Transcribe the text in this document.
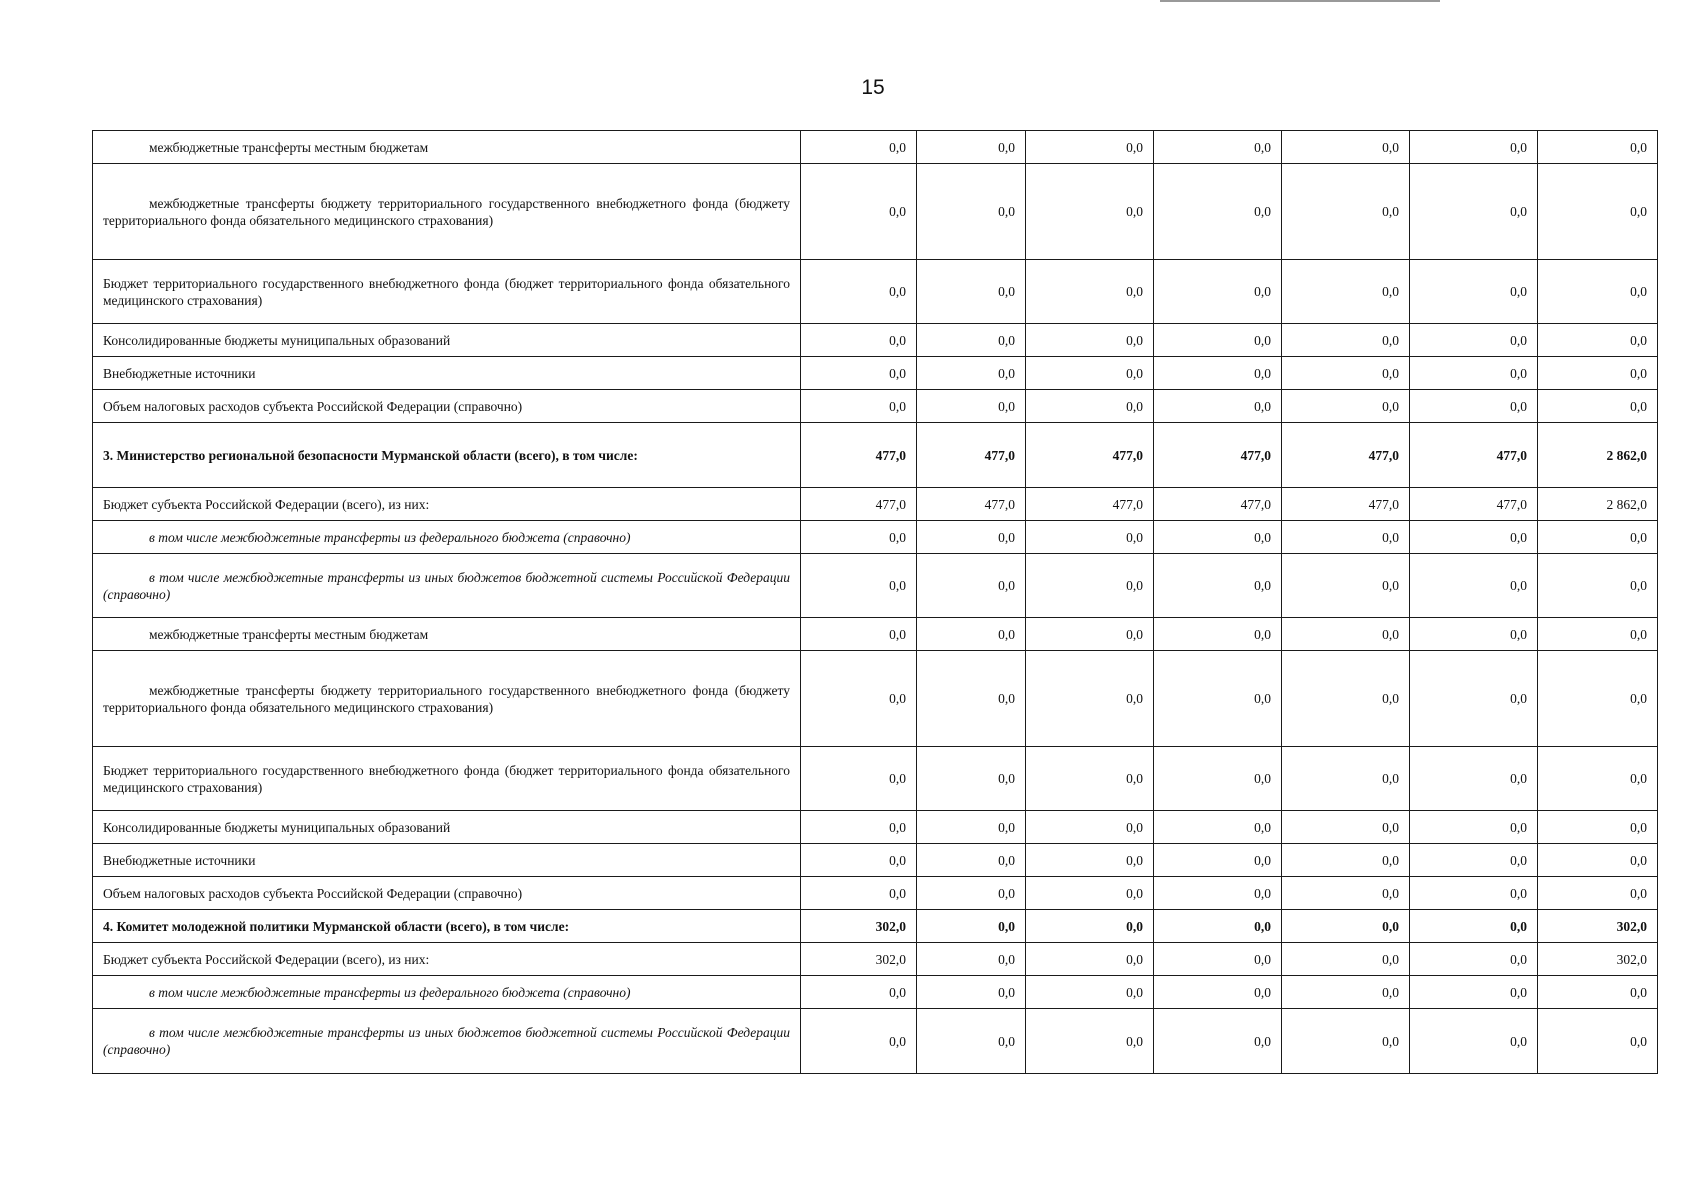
15
межбюджетные трансферты местным бюджетам	0,0	0,0	0,0	0,0	0,0	0,0	0,0
межбюджетные трансферты бюджету территориального государственного внебюджетного фонда (бюджету территориального фонда обязательного медицинского страхования)	0,0	0,0	0,0	0,0	0,0	0,0	0,0
Бюджет территориального государственного внебюджетного фонда (бюджет территориального фонда обязательного медицинского страхования)	0,0	0,0	0,0	0,0	0,0	0,0	0,0
Консолидированные бюджеты муниципальных образований	0,0	0,0	0,0	0,0	0,0	0,0	0,0
Внебюджетные источники	0,0	0,0	0,0	0,0	0,0	0,0	0,0
Объем налоговых расходов субъекта Российской Федерации (справочно)	0,0	0,0	0,0	0,0	0,0	0,0	0,0
3. Министерство региональной безопасности Мурманской области (всего), в том числе:	477,0	477,0	477,0	477,0	477,0	477,0	2 862,0
Бюджет субъекта Российской Федерации (всего), из них:	477,0	477,0	477,0	477,0	477,0	477,0	2 862,0
в том числе межбюджетные трансферты из федерального бюджета (справочно)	0,0	0,0	0,0	0,0	0,0	0,0	0,0
в том числе межбюджетные трансферты из иных бюджетов бюджетной системы Российской Федерации (справочно)	0,0	0,0	0,0	0,0	0,0	0,0	0,0
межбюджетные трансферты местным бюджетам	0,0	0,0	0,0	0,0	0,0	0,0	0,0
межбюджетные трансферты бюджету территориального государственного внебюджетного фонда (бюджету территориального фонда обязательного медицинского страхования)	0,0	0,0	0,0	0,0	0,0	0,0	0,0
Бюджет территориального государственного внебюджетного фонда (бюджет территориального фонда обязательного медицинского страхования)	0,0	0,0	0,0	0,0	0,0	0,0	0,0
Консолидированные бюджеты муниципальных образований	0,0	0,0	0,0	0,0	0,0	0,0	0,0
Внебюджетные источники	0,0	0,0	0,0	0,0	0,0	0,0	0,0
Объем налоговых расходов субъекта Российской Федерации (справочно)	0,0	0,0	0,0	0,0	0,0	0,0	0,0
4. Комитет молодежной политики Мурманской области (всего), в том числе:	302,0	0,0	0,0	0,0	0,0	0,0	302,0
Бюджет субъекта Российской Федерации (всего), из них:	302,0	0,0	0,0	0,0	0,0	0,0	302,0
в том числе межбюджетные трансферты из федерального бюджета (справочно)	0,0	0,0	0,0	0,0	0,0	0,0	0,0
в том числе межбюджетные трансферты из иных бюджетов бюджетной системы Российской Федерации (справочно)	0,0	0,0	0,0	0,0	0,0	0,0	0,0
